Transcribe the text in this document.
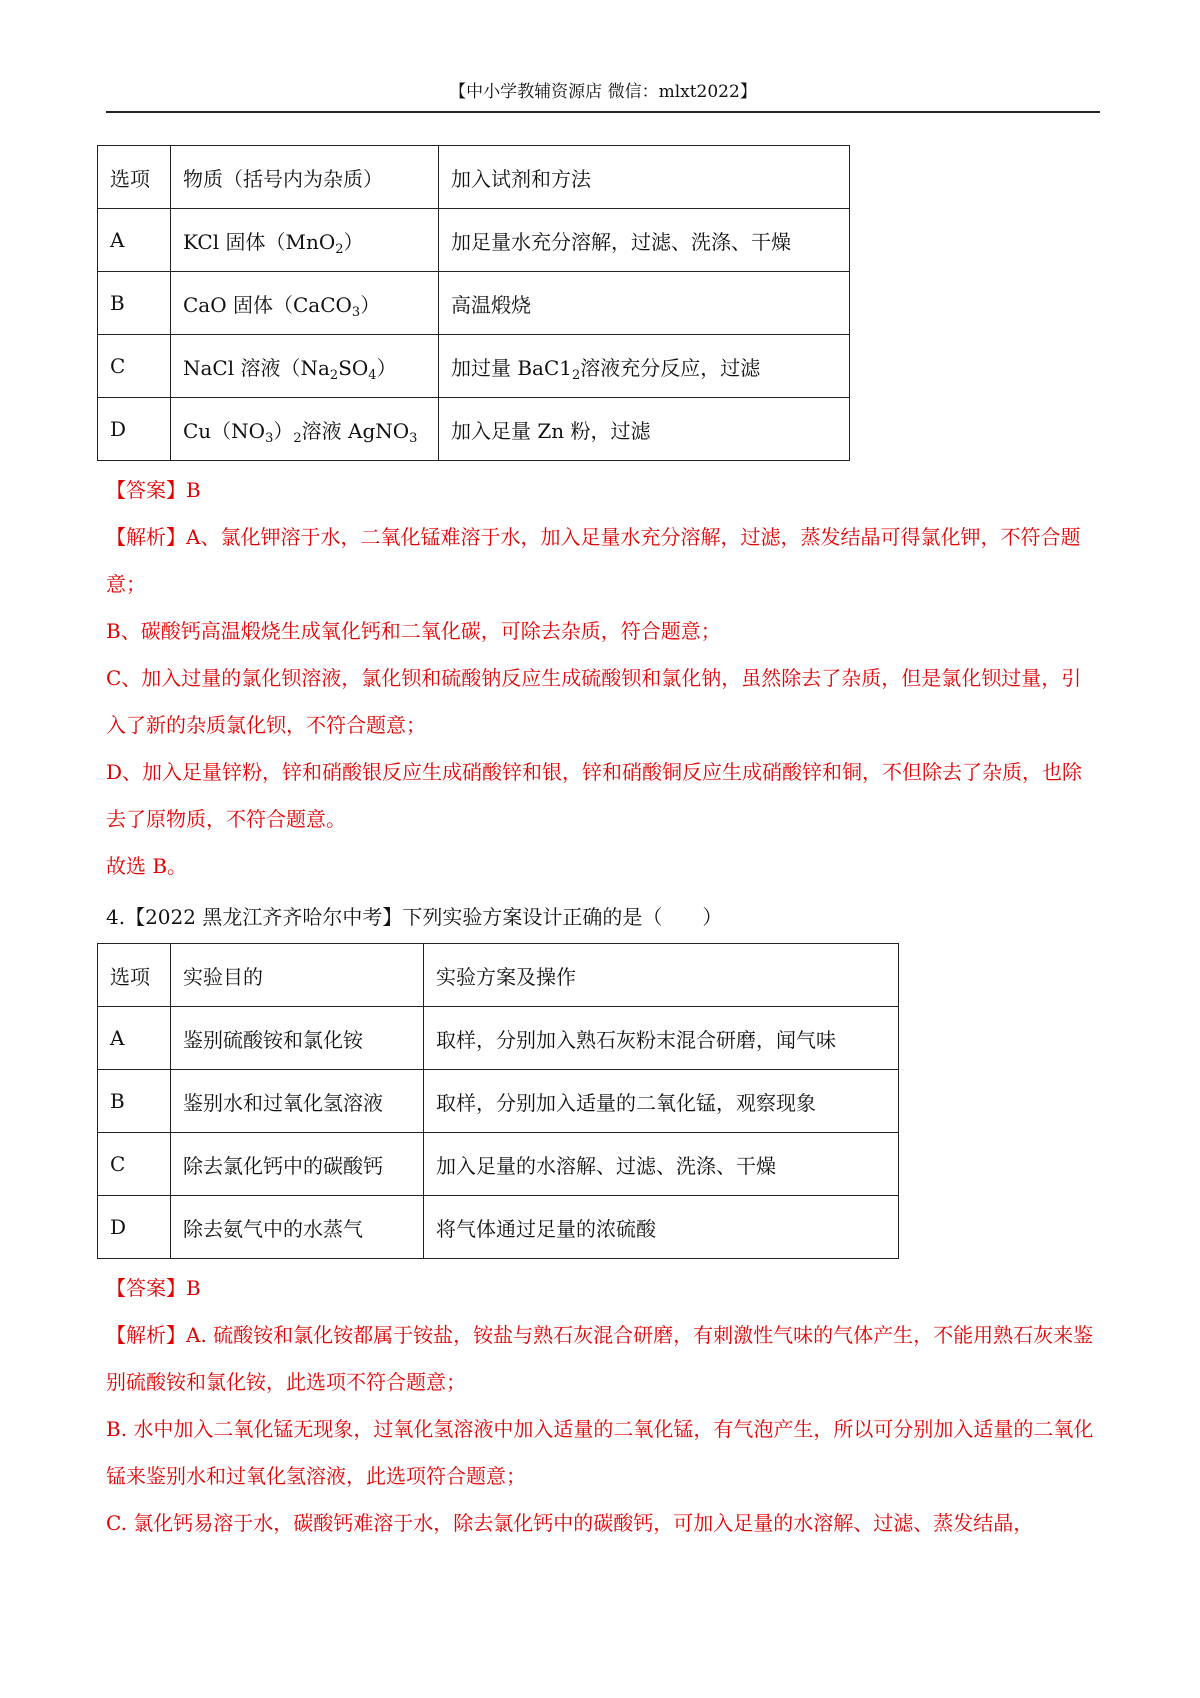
【中小学教辅资源店 微信：mlxt2022】
选项	物质（括号内为杂质）	加入试剂和方法
A	KCl 固体（MnO$_2$）	加足量水充分溶解，过滤、洗涤、干燥
B	CaO 固体（CaCO$_3$）	高温煅烧
C	NaCl 溶液$(Na_2SO_4)$	加过量 $BaC1_2$溶液充分反应，过滤
D	$Cu(NO_3)_2$溶液 AgNO$_3$	加入足量 Zn 粉，过滤
【答案】B
【解析】A、氯化钾溶于水，二氧化锰难溶于水，加入足量水充分溶解，过滤，蒸发结晶可得氯化钾，不符合题意；
B、碳酸钙高温煅烧生成氧化钙和二氧化碳，可除去杂质，符合题意；
C、加入过量的氯化钡溶液，氯化钡和硫酸钠反应生成硫酸钡和氯化钠，虽然除去了杂质，但是氯化钡过量，引入了新的杂质氯化钡，不符合题意；
D、加入足量锌粉，锌和硝酸银反应生成硝酸锌和银，锌和硝酸铜反应生成硝酸锌和铜，不但除去了杂质，也除去了原物质，不符合题意。
故选 B。
4.【2022 黑龙江齐齐哈尔中考】下列实验方案设计正确的是（　　）
选项	实验目的	实验方案及操作
A	鉴别硫酸铵和氯化铵	取样，分别加入熟石灰粉末混合研磨，闻气味
B	鉴别水和过氧化氢溶液	取样，分别加入适量的二氧化锰，观察现象
C	除去氯化钙中的碳酸钙	加入足量的水溶解、过滤、洗涤、干燥
D	除去氨气中的水蒸气	将气体通过足量的浓硫酸
【答案】B
【解析】A. 硫酸铵和氯化铵都属于铵盐，铵盐与熟石灰混合研磨，有刺激性气味的气体产生，不能用熟石灰来鉴别硫酸铵和氯化铵，此选项不符合题意；
B. 水中加入二氧化锰无现象，过氧化氢溶液中加入适量的二氧化锰，有气泡产生，所以可分别加入适量的二氧化锰来鉴别水和过氧化氢溶液，此选项符合题意；
C. 氯化钙易溶于水，碳酸钙难溶于水，除去氯化钙中的碳酸钙，可加入足量的水溶解、过滤、蒸发结晶，
